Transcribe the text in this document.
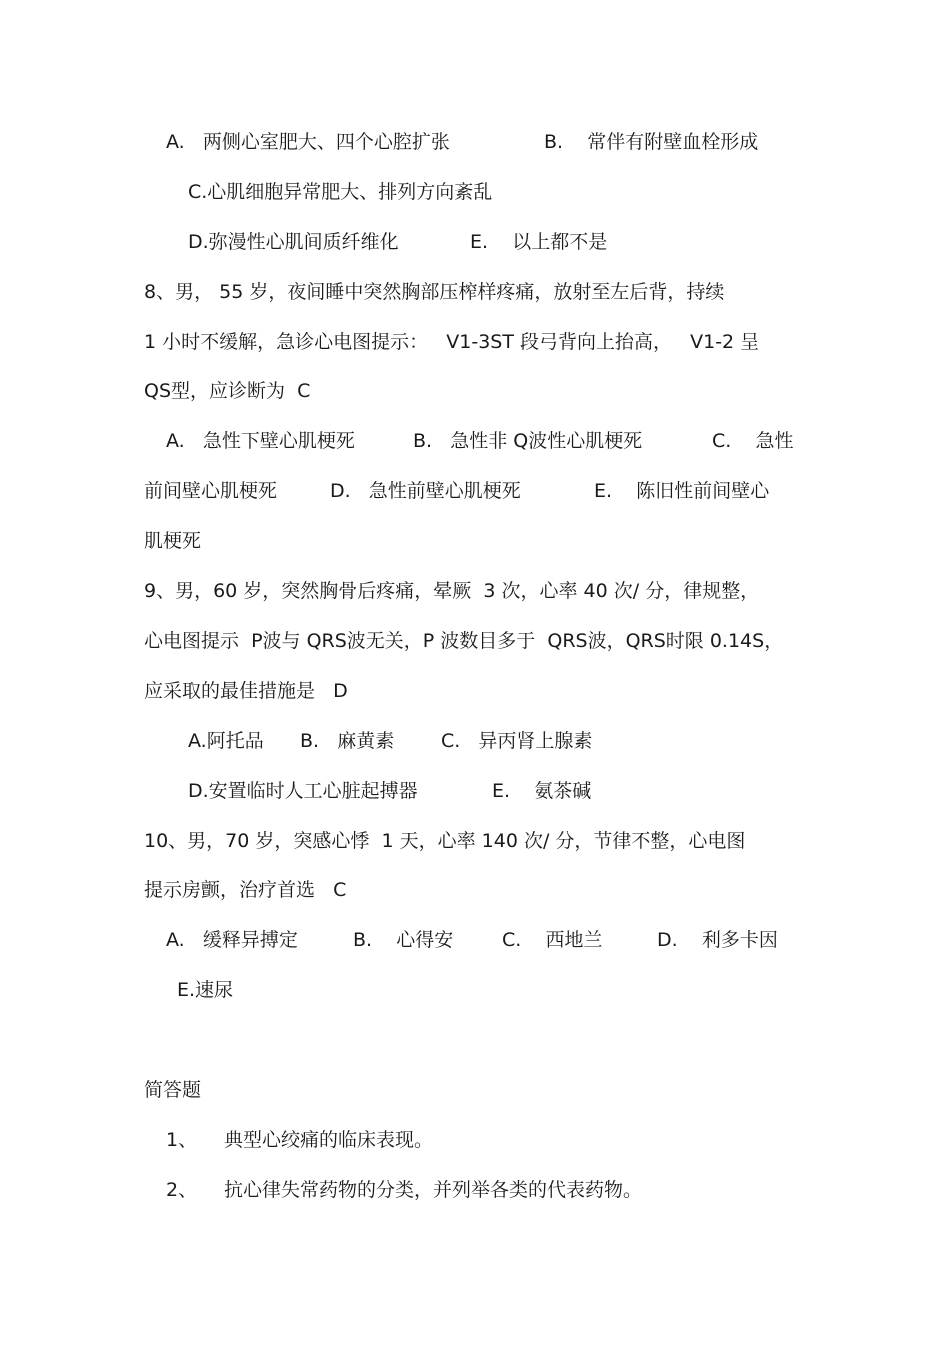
A.   两侧心室肥大、四个心腔扩张

	B.    常伴有附壁血栓形成

C.心肌细胞异常肥大、排列方向紊乱

D.弥漫性心肌间质纤维化

	E.    以上都不是

8、男， 55 岁，夜间睡中突然胸部压榨样疼痛，放射至左后背，持续

1 小时不缓解，急诊心电图提示：   V1-3ST 段弓背向上抬高，   V1-2 呈

QS型，应诊断为  C

A.   急性下壁心肌梗死

	B.   急性非 Q波性心肌梗死

	C.    急性

前间壁心肌梗死

	D.   急性前壁心肌梗死

	E.    陈旧性前间壁心

肌梗死

9、男，60 岁，突然胸骨后疼痛，晕厥  3 次，心率 40 次/ 分，律规整，

心电图提示  P波与 QRS波无关，P 波数目多于  QRS波，QRS时限 0.14S，

应采取的最佳措施是   D

A.阿托品

B.   麻黄素

C.   异丙肾上腺素

D.安置临时人工心脏起搏器

	E.    氨茶碱

10、男，70 岁，突感心悸  1 天，心率 140 次/ 分，节律不整，心电图

提示房颤，治疗首选   C

A.   缓释异搏定

	B.    心得安

	C.    西地兰

	D.    利多卡因

E.速尿

简答题

1、

典型心绞痛的临床表现。

2、

抗心律失常药物的分类，并列举各类的代表药物。
